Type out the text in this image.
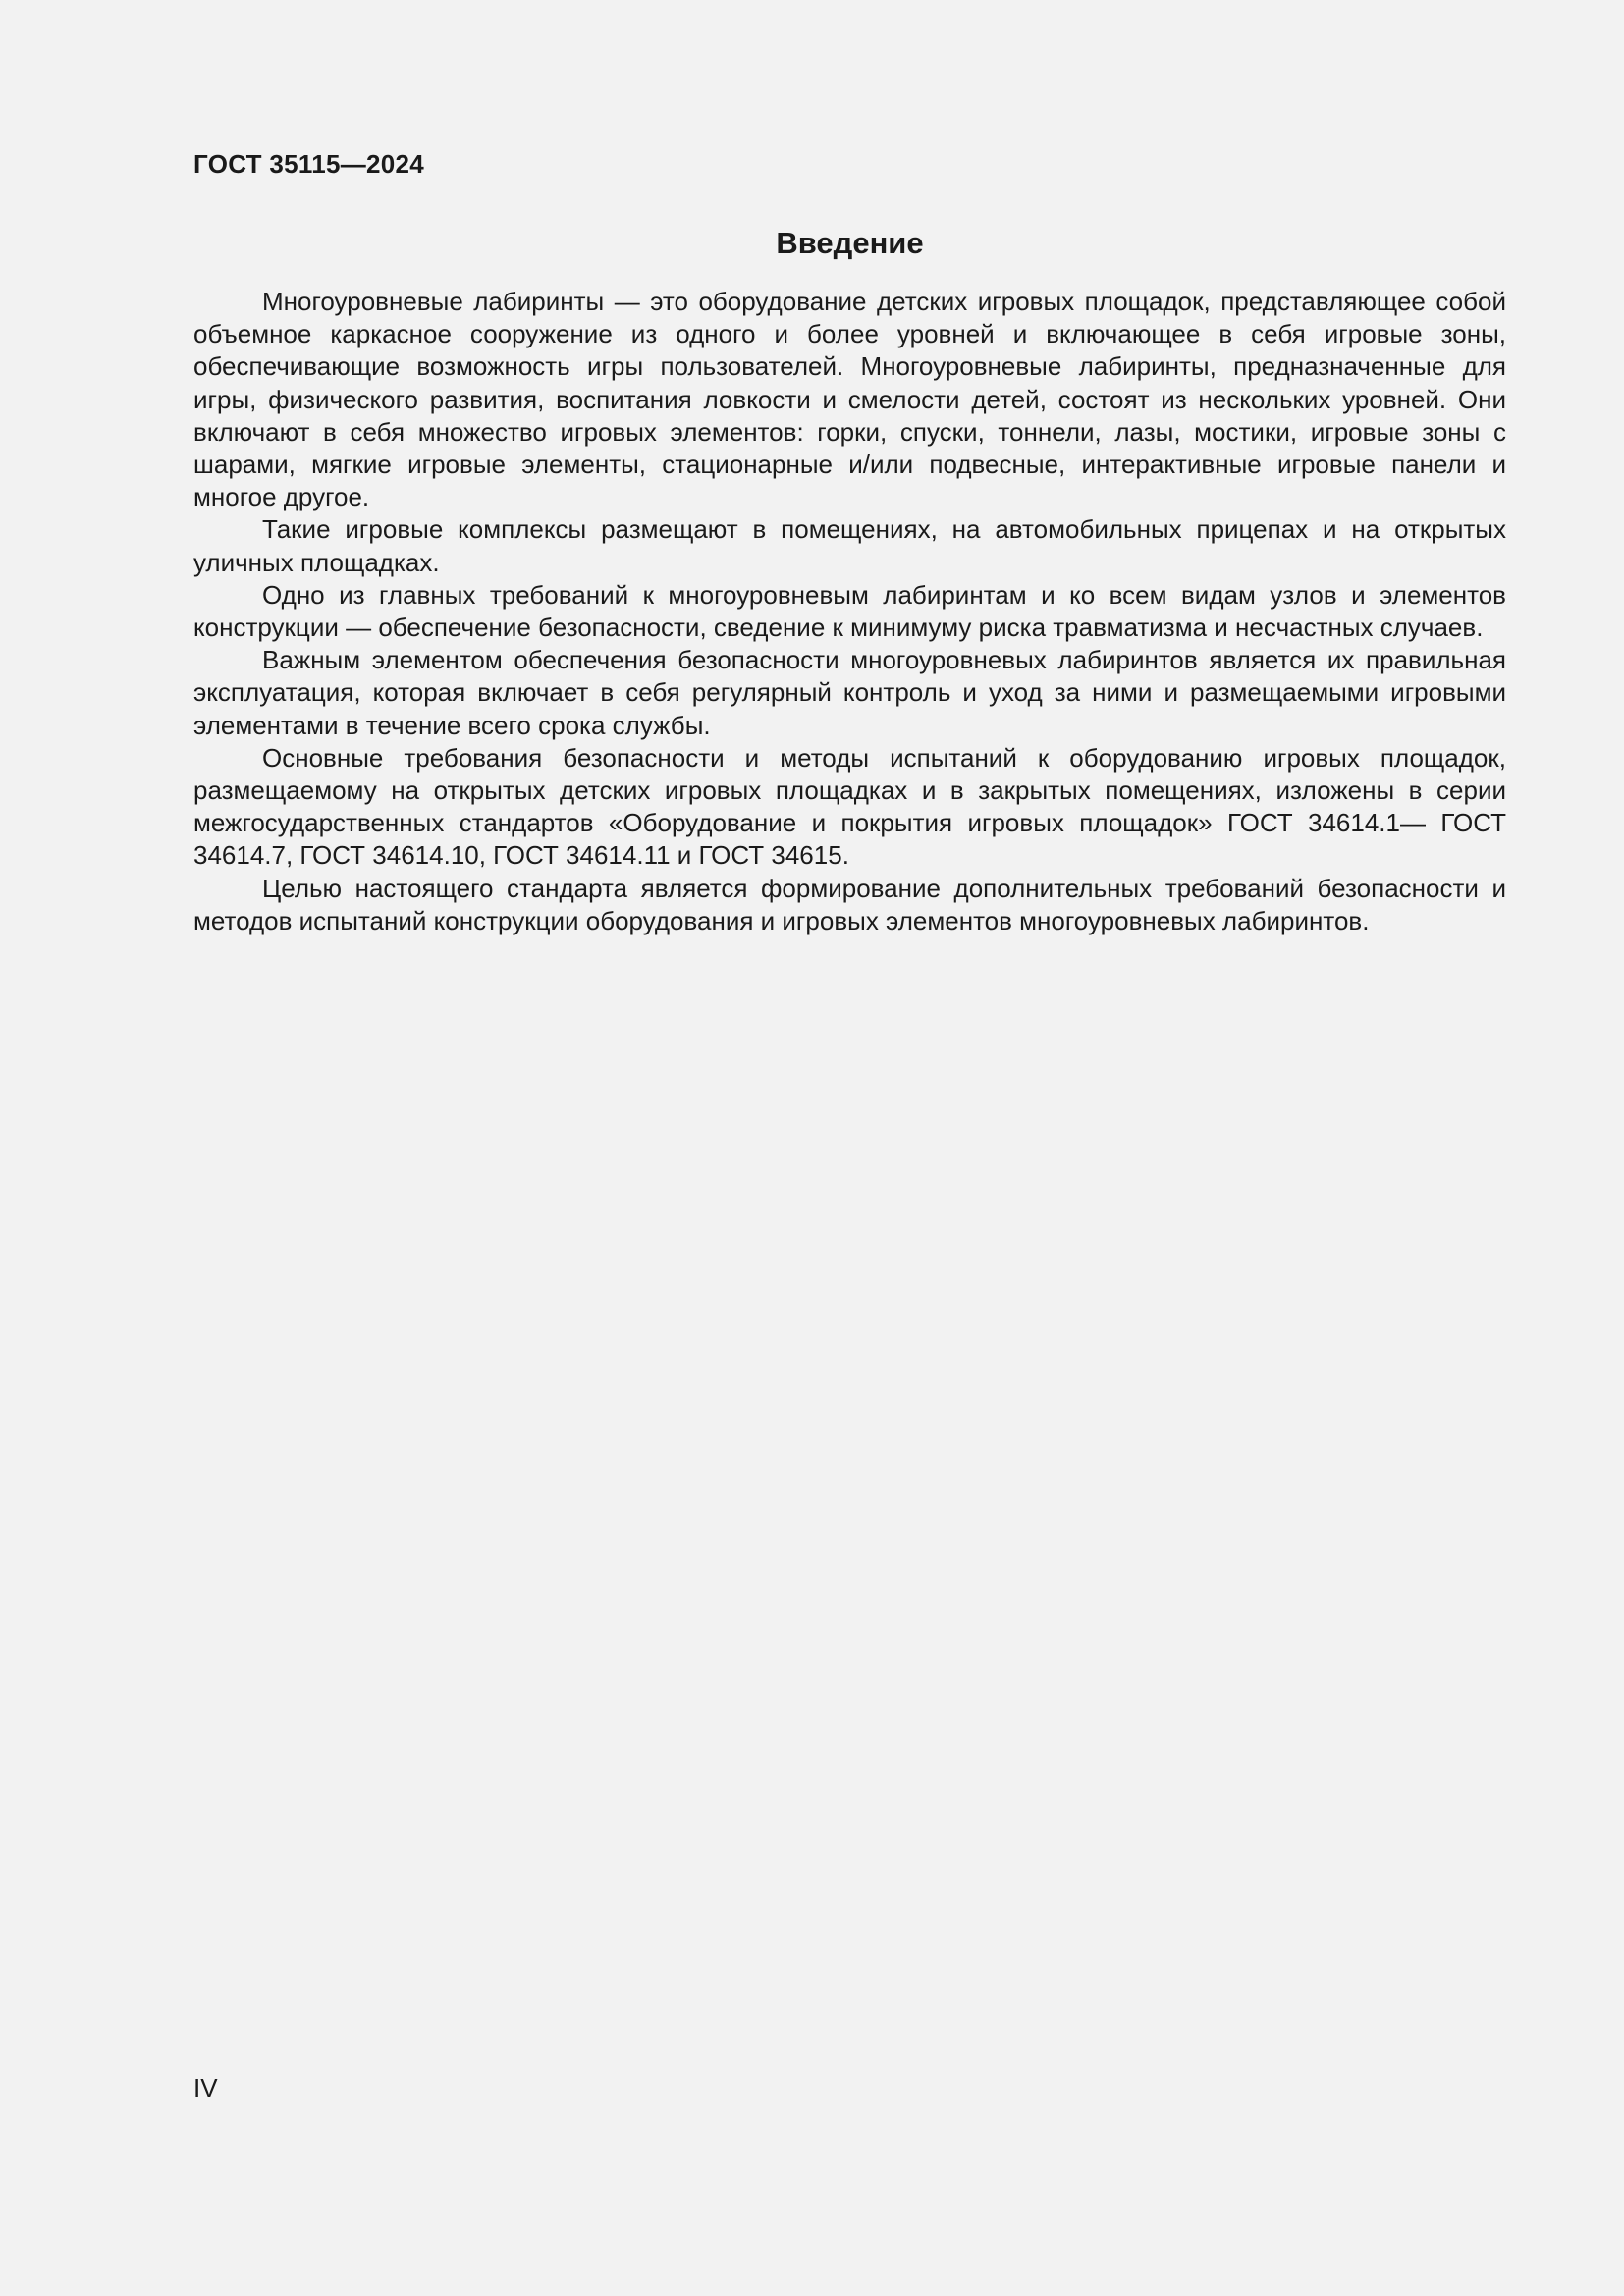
ГОСТ 35115—2024
Введение

Многоуровневые лабиринты — это оборудование детских игровых площадок, представляющее собой объемное каркасное сооружение из одного и более уровней и включающее в себя игровые зоны, обеспечивающие возможность игры пользователей. Многоуровневые лабиринты, предназначенные для игры, физического развития, воспитания ловкости и смелости детей, состоят из нескольких уровней. Они включают в себя множество игровых элементов: горки, спуски, тоннели, лазы, мостики, игровые зоны с шарами, мягкие игровые элементы, стационарные и/или подвесные, интерактивные игровые панели и многое другое.

Такие игровые комплексы размещают в помещениях, на автомобильных прицепах и на открытых уличных площадках.

Одно из главных требований к многоуровневым лабиринтам и ко всем видам узлов и элементов конструкции — обеспечение безопасности, сведение к минимуму риска травматизма и несчастных случаев.

Важным элементом обеспечения безопасности многоуровневых лабиринтов является их правильная эксплуатация, которая включает в себя регулярный контроль и уход за ними и размещаемыми игровыми элементами в течение всего срока службы.

Основные требования безопасности и методы испытаний к оборудованию игровых площадок, размещаемому на открытых детских игровых площадках и в закрытых помещениях, изложены в серии межгосударственных стандартов «Оборудование и покрытия игровых площадок» ГОСТ 34614.1— ГОСТ 34614.7, ГОСТ 34614.10, ГОСТ 34614.11 и ГОСТ 34615.

Целью настоящего стандарта является формирование дополнительных требований безопасности и методов испытаний конструкции оборудования и игровых элементов многоуровневых лабиринтов.

IV
